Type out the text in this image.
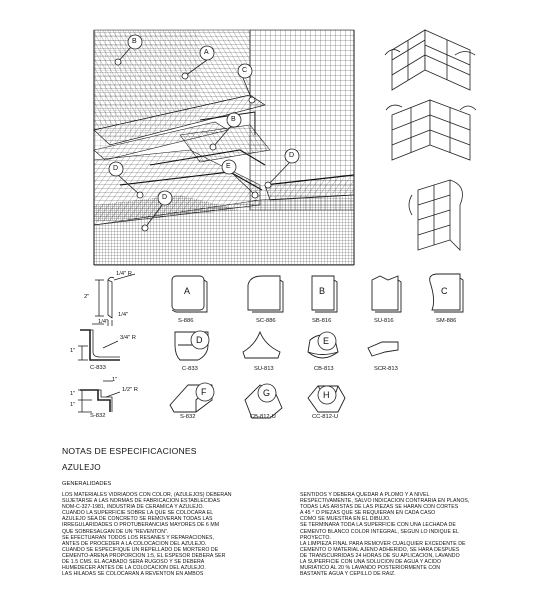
B
A
C
B
D	E
D
D
1/4" R
2"
1/4"
1/4"
3/4" R
1"
C-833
1"
1/2" R
1"
1"
S-832
A
S-886	SC-886
B
SB-816	SU-816
C
SM-886
D
C-833	SU-813
E
CB-813	SCR-813
F
S-832
G
CB-812-U
H
CC-812-U
NOTAS DE ESPECIFICACIONES
AZULEJO
GENERALIDADES
LOS MATERIALES VIDRIADOS CON COLOR, (AZULEJOS) DEBERAN
SUJETARSE A LAS NORMAS DE FABRICACION ESTABLECIDAS
NOM-C-327-1981, INDUSTRIA DE CERAMICA Y AZULEJO.
CUANDO LA SUPERFICIE SOBRE LA QUE SE COLOCARA EL
AZULEJO SEA DE CONCRETO SE REMOVERAN TODAS LAS
IRREGULARIDADES O PROTUBERANCIAS MAYORES DE 6 MM
QUE SOBRESALGAN DE UN "REVENTON".
SE EFECTUARAN TODOS LOS RESANES Y REPARACIONES,
ANTES DE PROCEDER A LA COLOCACION DEL AZULEJO.
CUANDO SE ESPECIFIQUE UN REPELLADO DE MORTERO DE
CEMENTO-ARENA PROPORCION 1:5, EL ESPESOR DEBERA SER
DE 1.5 CMS. EL ACABADO SERA RUGOSO Y SE DEBERA
HUMEDECER ANTES DE LA COLOCACION DEL AZULEJO.
LAS HILADAS SE COLOCARAN A REVENTON EN AMBOS
SENTIDOS Y DEBERA QUEDAR A PLOMO Y A NIVEL
RESPECTIVAMENTE, SALVO INDICACION CONTRARIA EN PLANOS,
TODAS LAS ARISTAS DE LAS PIEZAS SE HARAN CON CORTES
A 45 ° O PIEZAS QUE SE REQUIERAN EN CADA CASO
COMO SE MUESTRA EN EL DIBUJO.
SE TERMINARA TODA LA SUPERFICIE CON UNA LECHADA DE
CEMENTO BLANCO COLOR INTEGRAL, SEGUN LO INDIQUE EL
PROYECTO.
LA LIMPIEZA FINAL PARA REMOVER CUALQUIER EXCEDENTE DE
CEMENTO O MATERIAL AJENO ADHERIDO, SE HARA DESPUES
DE TRANSCURRIDAS 24 HORAS DE SU APLICACION, LAVANDO
LA SUPERFICIE CON UNA SOLUCION DE AGUA Y ACIDO
MURIATICO AL 20 % LAVANDO POSTERIORMENTE CON
BASTANTE AGUA Y CEPILLO DE RAIZ.
